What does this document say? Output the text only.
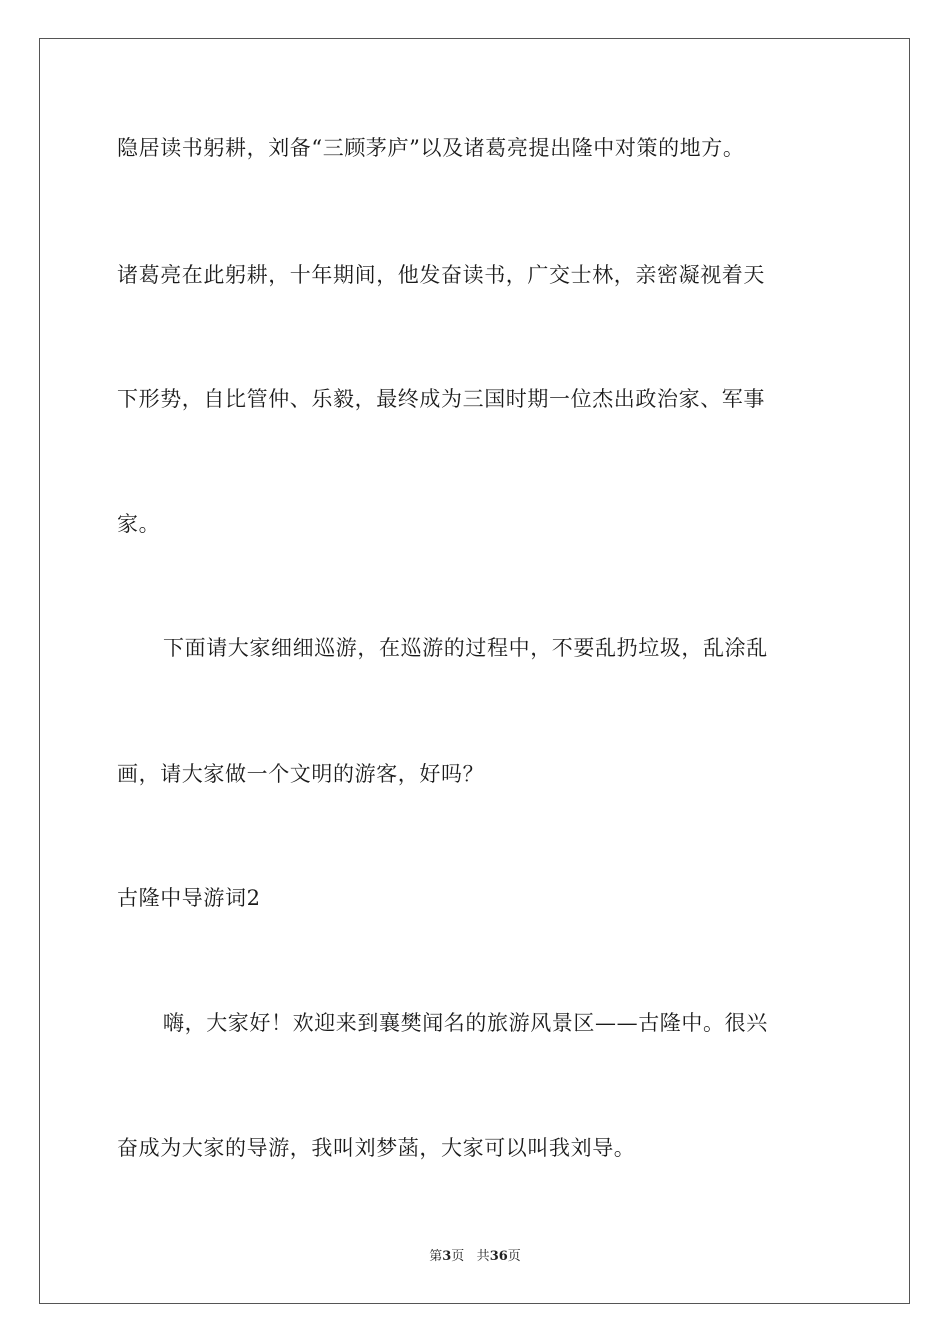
隐居读书躬耕，刘备“三顾茅庐”以及诸葛亮提出隆中对策的地方。
诸葛亮在此躬耕，十年期间，他发奋读书，广交士林，亲密凝视着天
下形势，自比管仲、乐毅，最终成为三国时期一位杰出政治家、军事
家。
下面请大家细细巡游，在巡游的过程中，不要乱扔垃圾，乱涂乱
画，请大家做一个文明的游客，好吗？
古隆中导游词2
嗨，大家好！欢迎来到襄樊闻名的旅游风景区——古隆中。很兴
奋成为大家的导游，我叫刘梦菡，大家可以叫我刘导。
第3页 共36页
